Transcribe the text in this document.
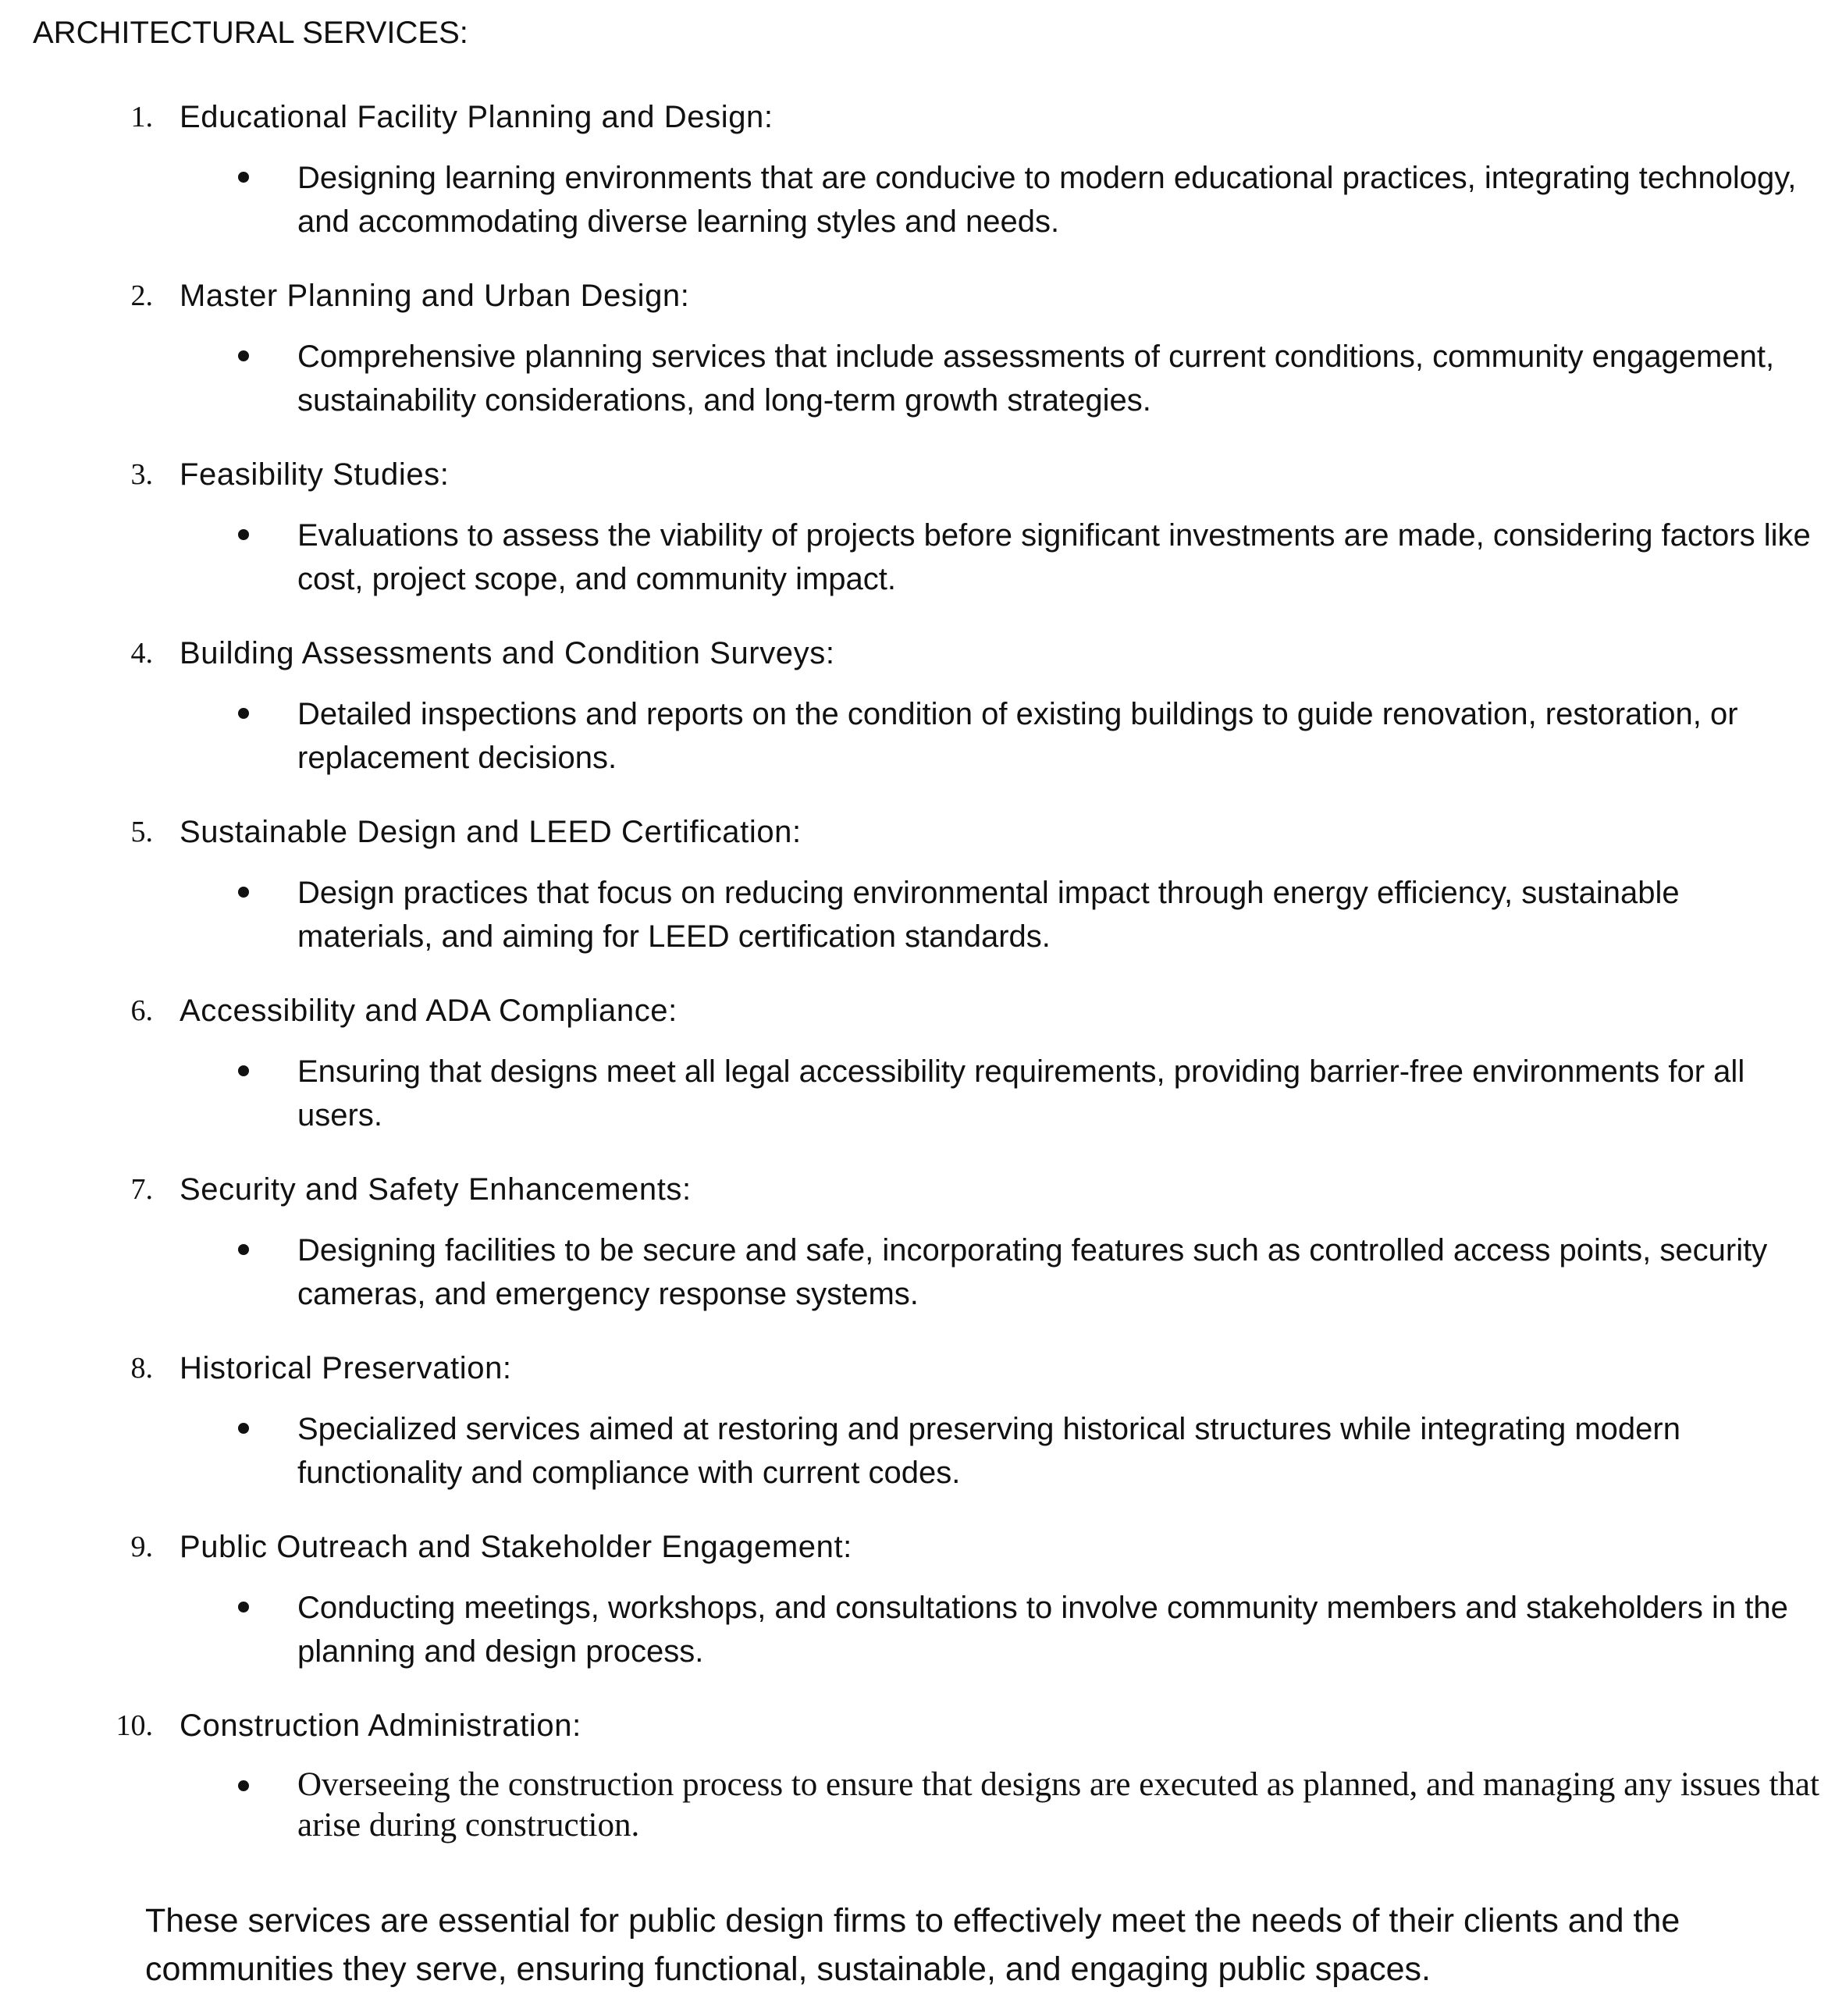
ARCHITECTURAL SERVICES:
1. Educational Facility Planning and Design:
Designing learning environments that are conducive to modern educational practices, integrating technology, and accommodating diverse learning styles and needs.
2. Master Planning and Urban Design:
Comprehensive planning services that include assessments of current conditions, community engagement, sustainability considerations, and long-term growth strategies.
3. Feasibility Studies:
Evaluations to assess the viability of projects before significant investments are made, considering factors like cost, project scope, and community impact.
4. Building Assessments and Condition Surveys:
Detailed inspections and reports on the condition of existing buildings to guide renovation, restoration, or replacement decisions.
5. Sustainable Design and LEED Certification:
Design practices that focus on reducing environmental impact through energy efficiency, sustainable materials, and aiming for LEED certification standards.
6. Accessibility and ADA Compliance:
Ensuring that designs meet all legal accessibility requirements, providing barrier-free environments for all users.
7. Security and Safety Enhancements:
Designing facilities to be secure and safe, incorporating features such as controlled access points, security cameras, and emergency response systems.
8. Historical Preservation:
Specialized services aimed at restoring and preserving historical structures while integrating modern functionality and compliance with current codes.
9. Public Outreach and Stakeholder Engagement:
Conducting meetings, workshops, and consultations to involve community members and stakeholders in the planning and design process.
10. Construction Administration:
Overseeing the construction process to ensure that designs are executed as planned, and managing any issues that arise during construction.
These services are essential for public design firms to effectively meet the needs of their clients and the communities they serve, ensuring functional, sustainable, and engaging public spaces.
